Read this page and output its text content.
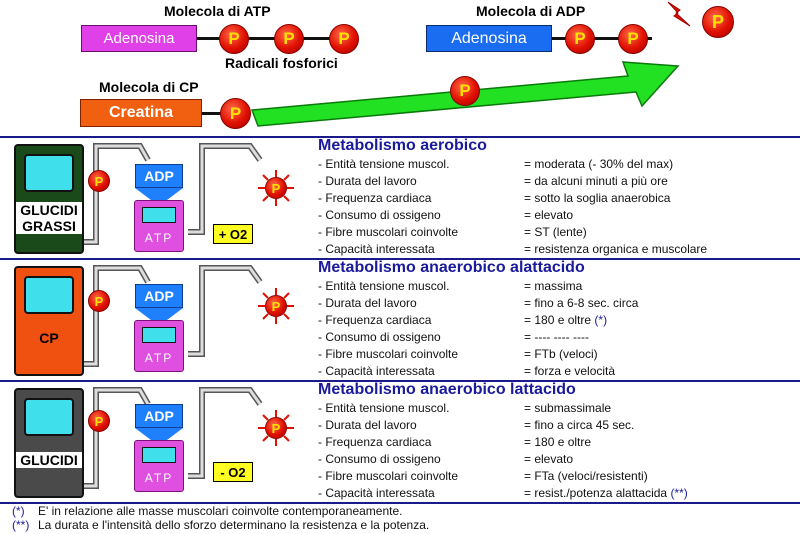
Molecola di ATP	Molecola di ADP
Adenosina	P	P	P
Radicali fosforici
Adenosina	P	P
P
Molecola di CP
Creatina	P
P
GLUCIDI
GRASSI
P	ADP
ATP
P
+ O2
Metabolismo aerobico
- Entità tensione muscol.	= moderata (- 30% del max)
- Durata del lavoro	= da alcuni minuti a più ore
- Frequenza cardiaca	= sotto la soglia anaerobica
- Consumo di ossigeno	= elevato
- Fibre muscolari coinvolte	= ST (lente)
- Capacità interessata	= resistenza organica e muscolare
CP
P	ADP
ATP
P
Metabolismo anaerobico alattacido
- Entità tensione muscol.	= massima
- Durata del lavoro	= fino a 6-8 sec. circa
- Frequenza cardiaca	= 180 e oltre (*)
- Consumo di ossigeno	= ---- ---- ----
- Fibre muscolari coinvolte	= FTb (veloci)
- Capacità interessata	= forza e velocità
GLUCIDI
P	ADP
ATP
P
- O2
Metabolismo anaerobico lattacido
- Entità tensione muscol.	= submassimale
- Durata del lavoro	= fino a circa 45 sec.
- Frequenza cardiaca	= 180 e oltre
- Consumo di ossigeno	= elevato
- Fibre muscolari coinvolte	= FTa (veloci/resistenti)
- Capacità interessata	= resist./potenza alattacida (**)
(*) E' in relazione alle masse muscolari coinvolte contemporaneamente.
(**) La durata e l'intensità dello sforzo determinano la resistenza e la potenza.
